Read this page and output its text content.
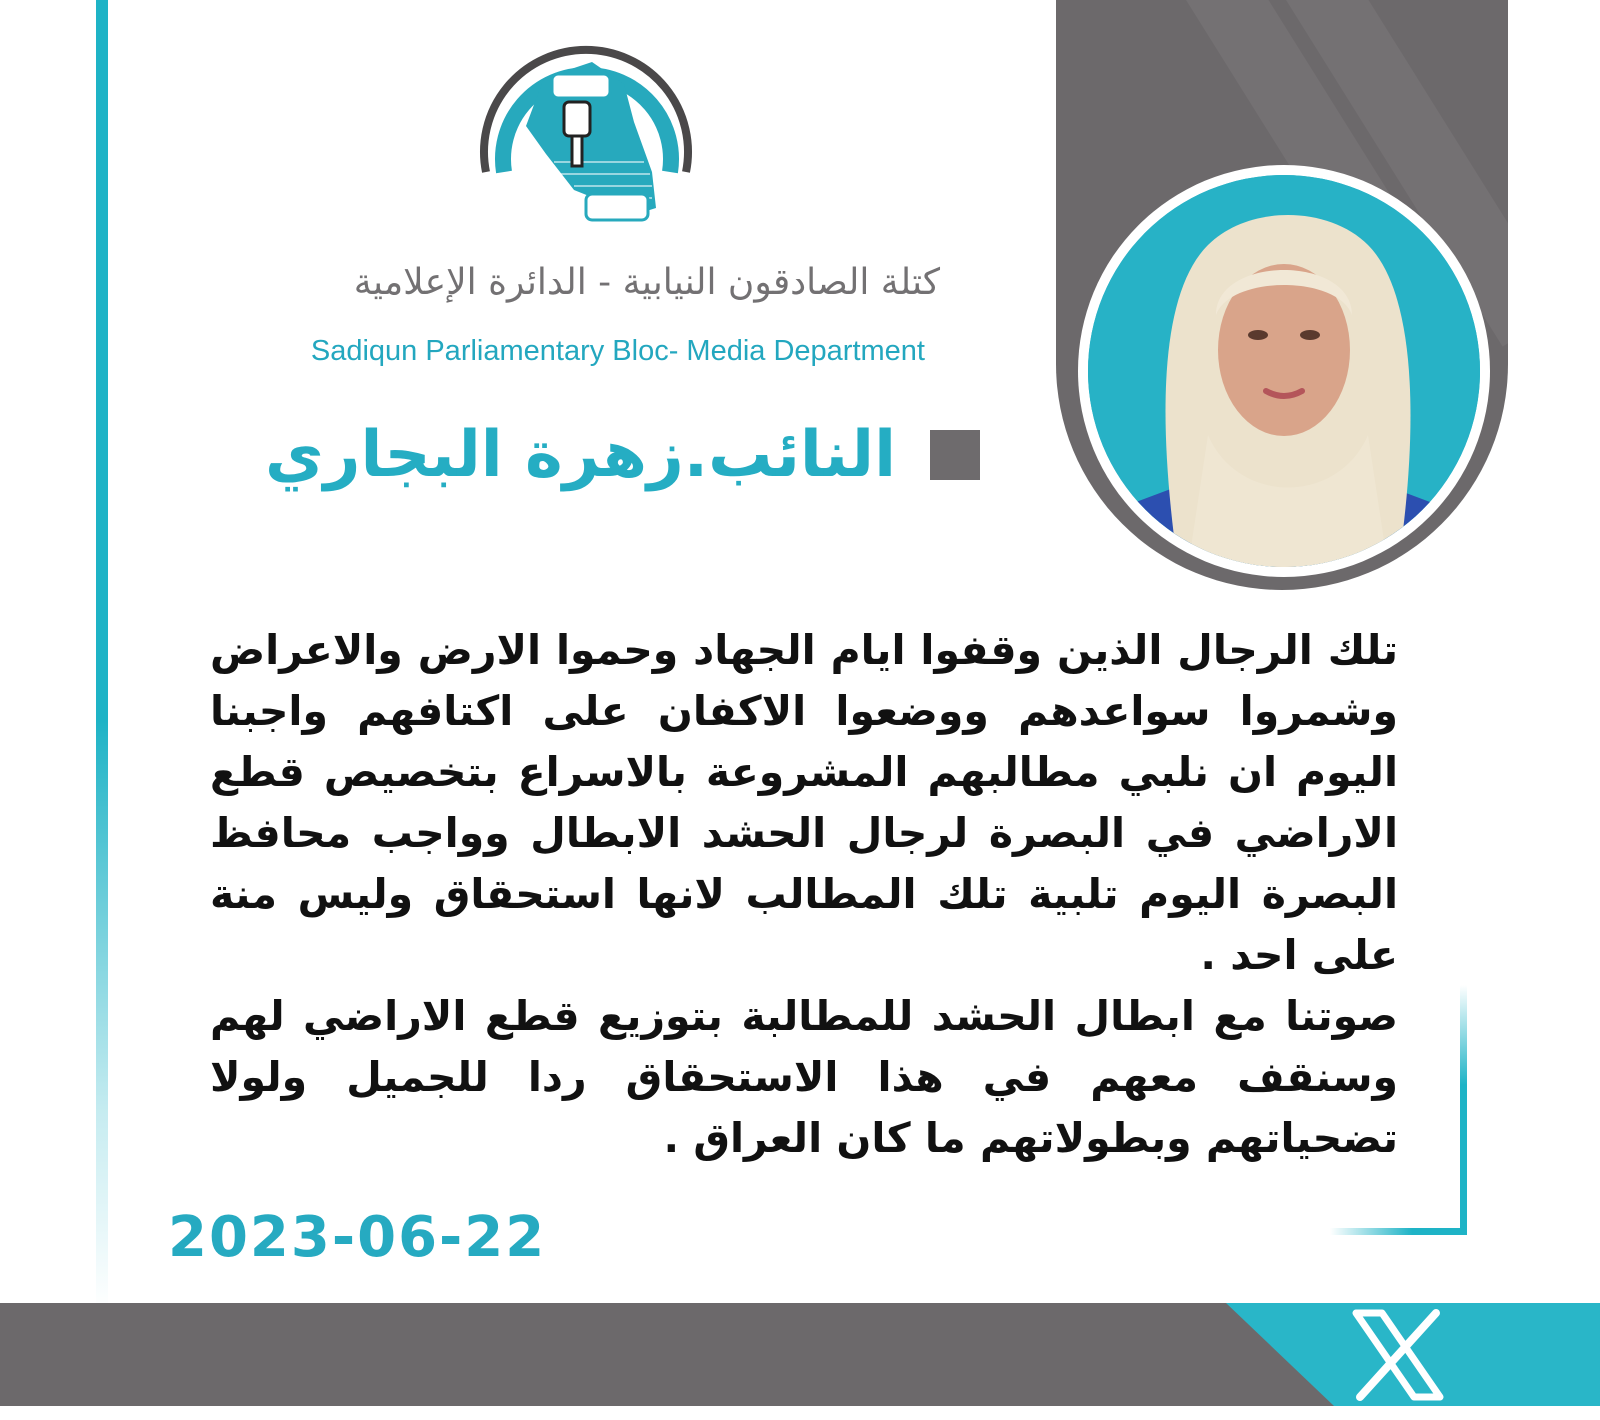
كتلة الصادقون النيابية - الدائرة الإعلامية
Sadiqun Parliamentary Bloc- Media Department
النائب.زهرة البجاري

تلك الرجال الذين وقفوا ايام الجهاد وحموا الارض والاعراض وشمروا سواعدهم ووضعوا الاكفان على اكتافهم واجبنا اليوم ان نلبي مطالبهم المشروعة بالاسراع بتخصيص قطع الاراضي في البصرة لرجال الحشد الابطال وواجب محافظ البصرة اليوم تلبية تلك المطالب لانها استحقاق وليس منة على احد .

صوتنا مع ابطال الحشد للمطالبة بتوزيع قطع الاراضي لهم وسنقف معهم في هذا الاستحقاق ردا للجميل ولولا تضحياتهم وبطولاتهم ما كان العراق .

2023-06-22
